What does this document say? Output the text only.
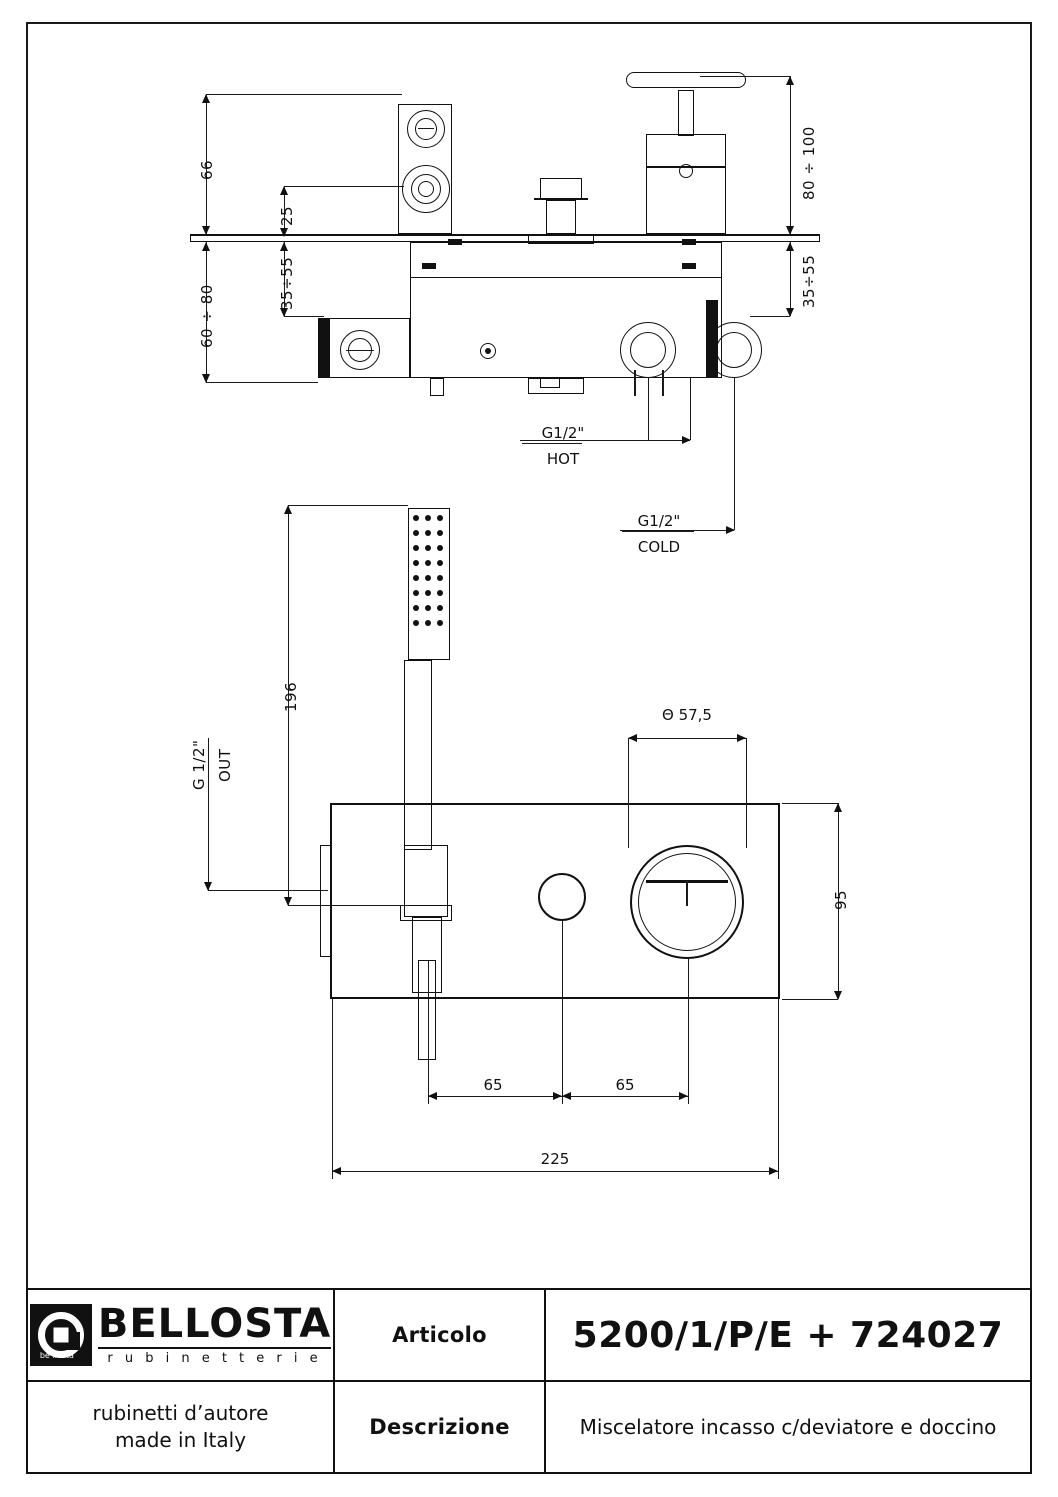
66
25
35÷55
60 ÷ 80
80 ÷ 100
35÷55
G1/2"
HOT
G1/2"
COLD
196
G 1/2" OUT
Θ 57,5
95
65	65
225
be llosta
BELLOSTA
r u b i n e t t e r i e
Articolo 5200/1/P/E + 724027
rubinetti d’autore
made in Italy
Descrizione	Miscelatore incasso c/deviatore e doccino
